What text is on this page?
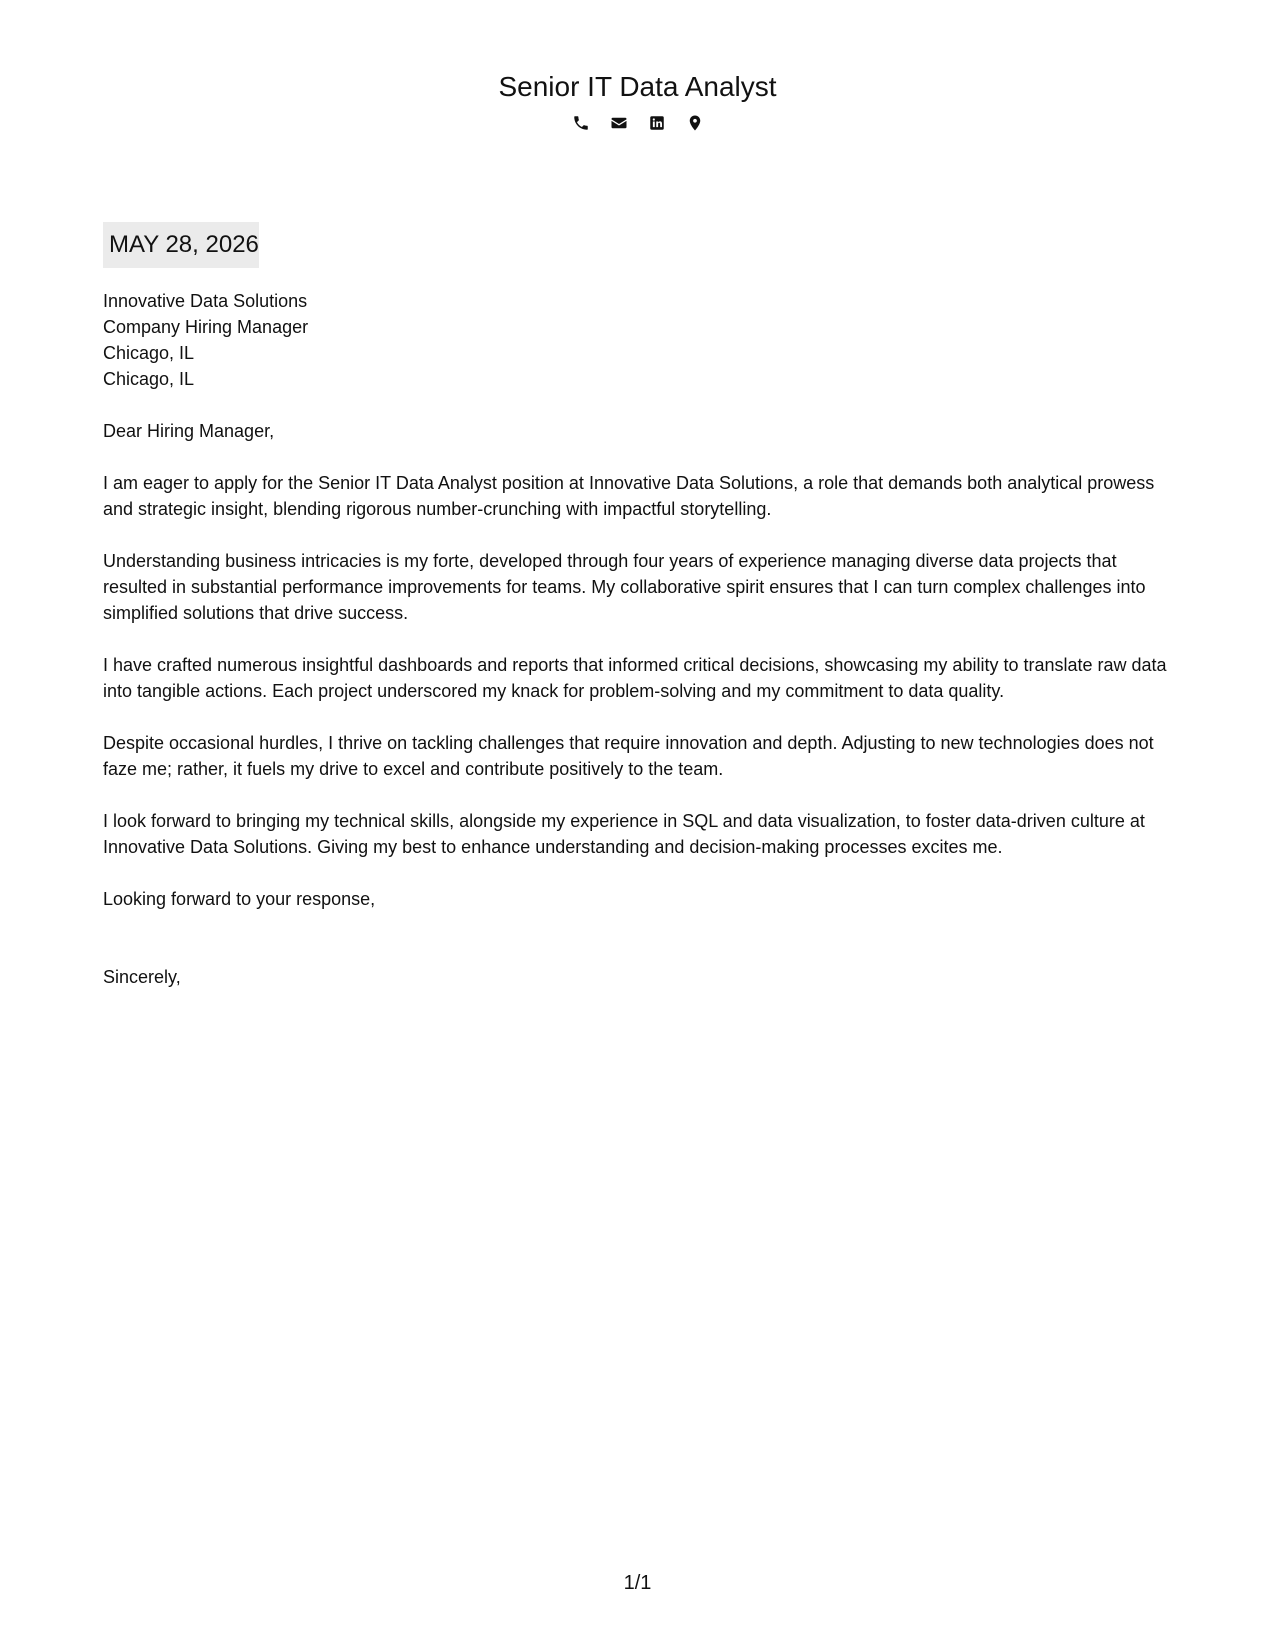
Senior IT Data Analyst
MAY 28, 2026
Innovative Data Solutions
Company Hiring Manager
Chicago, IL
Chicago, IL
Dear Hiring Manager,

I am eager to apply for the Senior IT Data Analyst position at Innovative Data Solutions, a role that demands both analytical prowess and strategic insight, blending rigorous number-crunching with impactful storytelling.

Understanding business intricacies is my forte, developed through four years of experience managing diverse data projects that resulted in substantial performance improvements for teams. My collaborative spirit ensures that I can turn complex challenges into simplified solutions that drive success.

I have crafted numerous insightful dashboards and reports that informed critical decisions, showcasing my ability to translate raw data into tangible actions. Each project underscored my knack for problem-solving and my commitment to data quality.

Despite occasional hurdles, I thrive on tackling challenges that require innovation and depth. Adjusting to new technologies does not faze me; rather, it fuels my drive to excel and contribute positively to the team.

I look forward to bringing my technical skills, alongside my experience in SQL and data visualization, to foster data-driven culture at Innovative Data Solutions. Giving my best to enhance understanding and decision-making processes excites me.

Looking forward to your response,
Sincerely,
1/1
